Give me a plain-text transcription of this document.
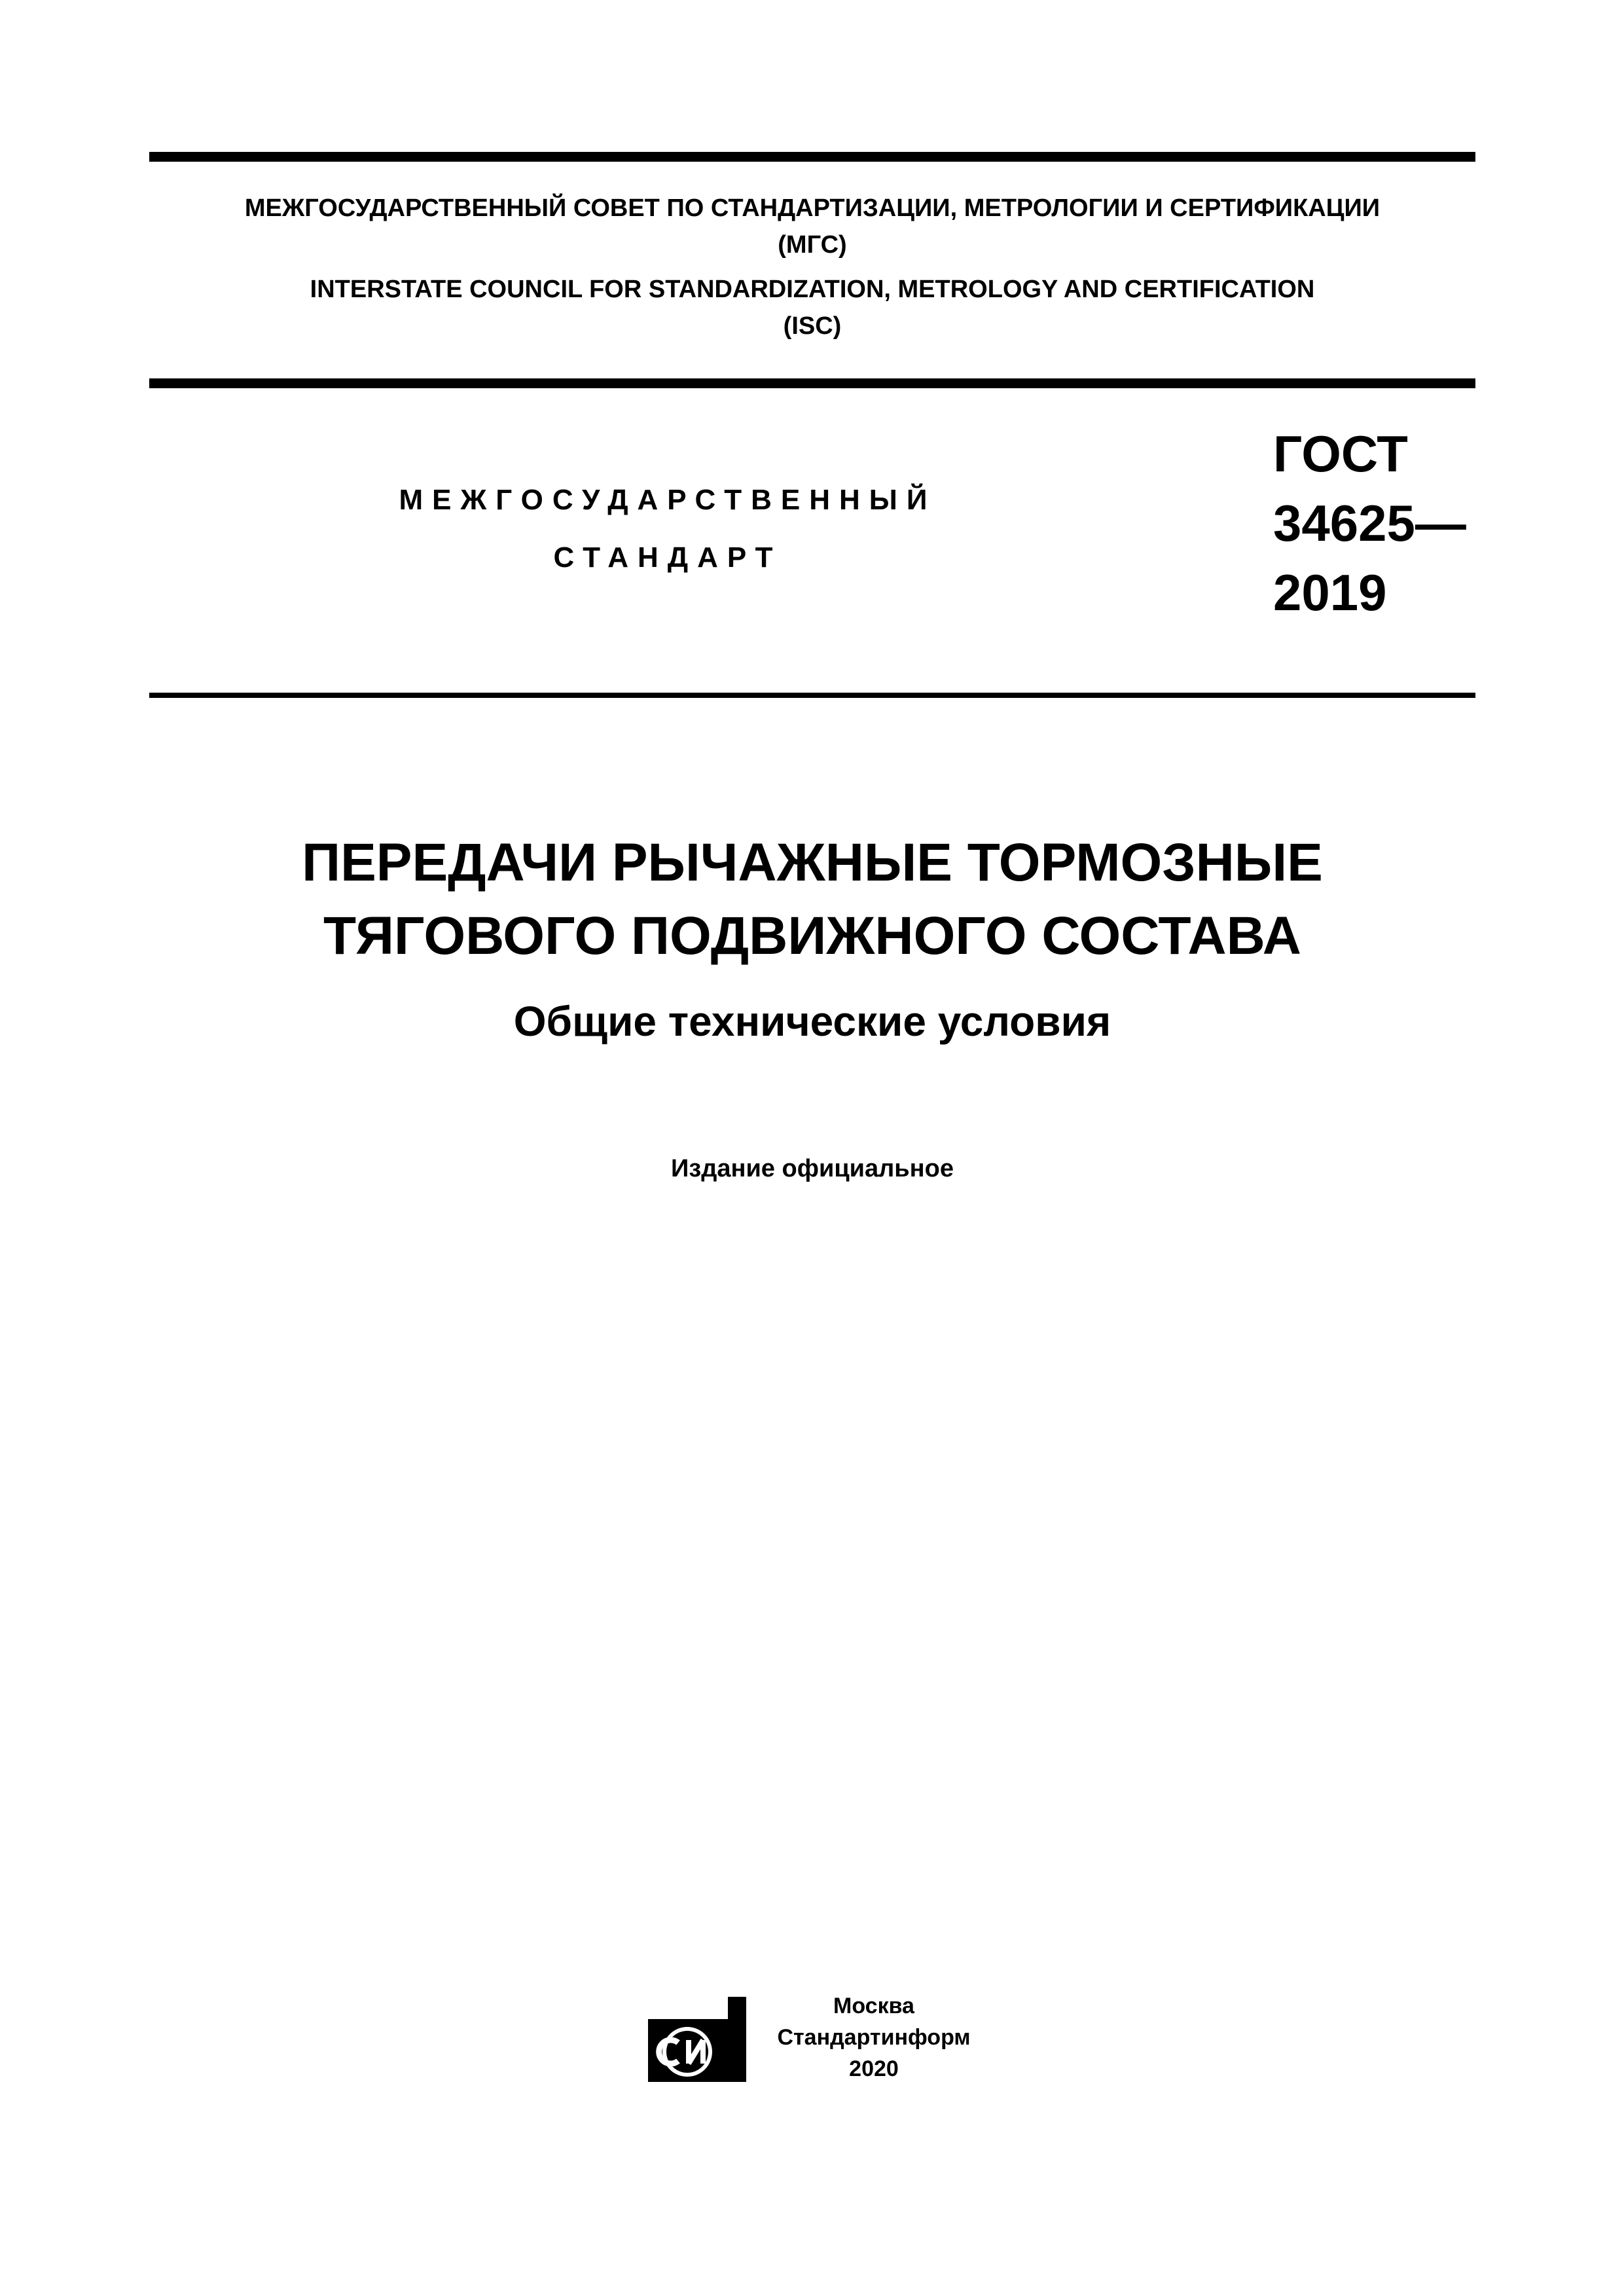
МЕЖГОСУДАРСТВЕННЫЙ СОВЕТ ПО СТАНДАРТИЗАЦИИ, МЕТРОЛОГИИ И СЕРТИФИКАЦИИ
(МГС)
INTERSTATE COUNCIL FOR STANDARDIZATION, METROLOGY AND CERTIFICATION
(ISC)
МЕЖГОСУДАРСТВЕННЫЙ
СТАНДАРТ
ГОСТ
34625—
2019
ПЕРЕДАЧИ РЫЧАЖНЫЕ ТОРМОЗНЫЕ
ТЯГОВОГО ПОДВИЖНОГО СОСТАВА
Общие технические условия
Издание официальное
Москва
Стандартинформ
2020
